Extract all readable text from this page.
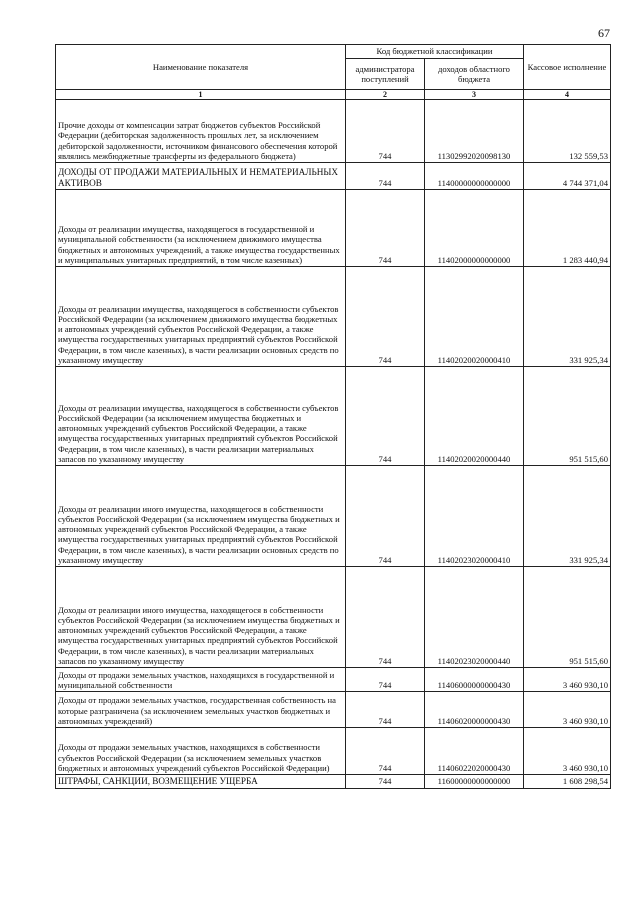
67
Наименование показателя	Код бюджетной классификации		Кассовое исполнение
	администратора поступлений	доходов областного бюджета	
1	2	3	4
Прочие доходы от компенсации затрат бюджетов субъектов Российской Федерации (дебиторская задолженность прошлых лет, за исключением дебиторской задолженности, источником финансового обеспечения которой являлись межбюджетные трансферты из федерального бюджета)	744	11302992020098130	132 559,53
ДОХОДЫ ОТ ПРОДАЖИ МАТЕРИАЛЬНЫХ И НЕМАТЕРИАЛЬНЫХ АКТИВОВ	744	11400000000000000	4 744 371,04
Доходы от реализации имущества, находящегося в государственной и муниципальной собственности (за исключением движимого имущества бюджетных и автономных учреждений, а также имущества государственных и муниципальных унитарных предприятий, в том числе казенных)	744	11402000000000000	1 283 440,94
Доходы от реализации имущества, находящегося в собственности субъектов Российской Федерации (за исключением движимого имущества бюджетных и автономных учреждений субъектов Российской Федерации, а также имущества государственных унитарных предприятий субъектов Российской Федерации, в том числе казенных), в части реализации основных средств по указанному имуществу	744	11402020020000410	331 925,34
Доходы от реализации имущества, находящегося в собственности субъектов Российской Федерации (за исключением имущества бюджетных и автономных учреждений субъектов Российской Федерации, а также имущества государственных унитарных предприятий субъектов Российской Федерации, в том числе казенных), в части реализации материальных запасов по указанному имуществу	744	11402020020000440	951 515,60
Доходы от реализации иного имущества, находящегося в собственности субъектов Российской Федерации (за исключением имущества бюджетных и автономных учреждений субъектов Российской Федерации, а также имущества государственных унитарных предприятий субъектов Российской Федерации, в том числе казенных), в части реализации основных средств по указанному имуществу	744	11402023020000410	331 925,34
Доходы от реализации иного имущества, находящегося в собственности субъектов Российской Федерации (за исключением имущества бюджетных и автономных учреждений субъектов Российской Федерации, а также имущества государственных унитарных предприятий субъектов Российской Федерации, в том числе казенных), в части реализации материальных запасов по указанному имуществу	744	11402023020000440	951 515,60
Доходы от продажи земельных участков, находящихся в государственной и муниципальной собственности	744	11406000000000430	3 460 930,10
Доходы от продажи земельных участков, государственная собственность на которые разграничена (за исключением земельных участков бюджетных и автономных учреждений)	744	11406020000000430	3 460 930,10
Доходы от продажи земельных участков, находящихся в собственности субъектов Российской Федерации (за исключением земельных участков бюджетных и автономных учреждений субъектов Российской Федерации)	744	11406022020000430	3 460 930,10
ШТРАФЫ, САНКЦИИ, ВОЗМЕЩЕНИЕ УЩЕРБА	744	11600000000000000	1 608 298,54
